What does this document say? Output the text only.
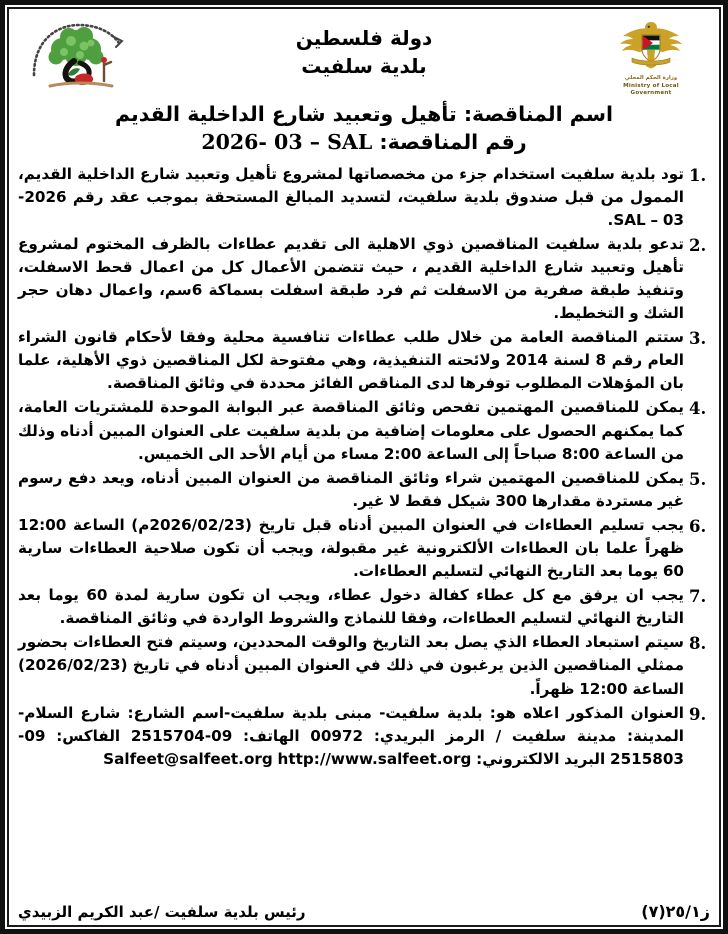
وزارة الحكم المحلي
Ministry of Local
Government
دولة فلسطين
بلدية سلفيت
اسم المناقصة: تأهيل وتعبيد شارع الداخلية القديم
رقم المناقصة: 2026- 03 – SAL
1.
تود بلدية سلفيت استخدام جزء من مخصصاتها لمشروع تأهيل وتعبيد شارع الداخلية القديم، الممول من قبل صندوق بلدية سلفيت، لتسديد المبالغ المستحقة بموجب عقد رقم 2026- 03 – SAL.
2.
تدعو بلدية سلفيت المناقصين ذوي الاهلية الى تقديم عطاءات بالظرف المختوم لمشروع تأهيل وتعبيد شارع الداخلية القديم ، حيث تتضمن الأعمال كل من اعمال قحط الاسفلت، وتنفيذ طبقة صفرية من الاسفلت ثم فرد طبقة اسفلت بسماكة 6سم، واعمال دهان حجر الشك و التخطيط.
3.
ستتم المناقصة العامة من خلال طلب عطاءات تنافسية محلية وفقا لأحكام قانون الشراء العام رقم 8 لسنة 2014 ولائحته التنفيذية، وهي مفتوحة لكل المناقصين ذوي الأهلية، علما بان المؤهلات المطلوب توفرها لدى المناقص الفائز محددة في وثائق المناقصة.
4.
يمكن للمناقصين المهتمين تفحص وثائق المناقصة عبر البوابة الموحدة للمشتريات العامة، كما يمكنهم الحصول على معلومات إضافية من بلدية سلفيت على العنوان المبين أدناه وذلك من الساعة 8:00 صباحاً إلى الساعة 2:00 مساء من أيام الأحد الى الخميس.
5.
يمكن للمناقصين المهتمين شراء وثائق المناقصة من العنوان المبين أدناه، ويعد دفع رسوم غير مستردة مقدارها 300 شيكل فقط لا غير.
6.
يجب تسليم العطاءات في العنوان المبين أدناه قبل تاريخ (2026/02/23م) الساعة 12:00 ظهراً علما بان العطاءات الألكترونية غير مقبولة، ويجب أن تكون صلاحية العطاءات سارية 60 يوما بعد التاريخ النهائي لتسليم العطاءات.
7.
يجب ان يرفق مع كل عطاء كفالة دخول عطاء، ويجب ان تكون سارية لمدة 60 يوما بعد التاريخ النهائي لتسليم العطاءات، وفقا للنماذج والشروط الواردة في وثائق المناقصة.
8.
سيتم استبعاد العطاء الذي يصل بعد التاريخ والوقت المحددين، وسيتم فتح العطاءات بحضور ممثلي المناقصين الذين يرغبون في ذلك في العنوان المبين أدناه في تاريخ (2026/02/23) الساعة 12:00 ظهراً.
9.
العنوان المذكور اعلاه هو: بلدية سلفيت- مبنى بلدية سلفيت-اسم الشارع: شارع السلام-المدينة: مدينة سلفيت / الرمز البريدي: 00972 الهاتف: 09-2515704 الفاكس: 09-2515803 البريد الالكتروني: Salfeet@salfeet.org http://www.salfeet.org
رئيس بلدية سلفيت /عبد الكريم الزبيدي	ز٢٥/١(٧)
